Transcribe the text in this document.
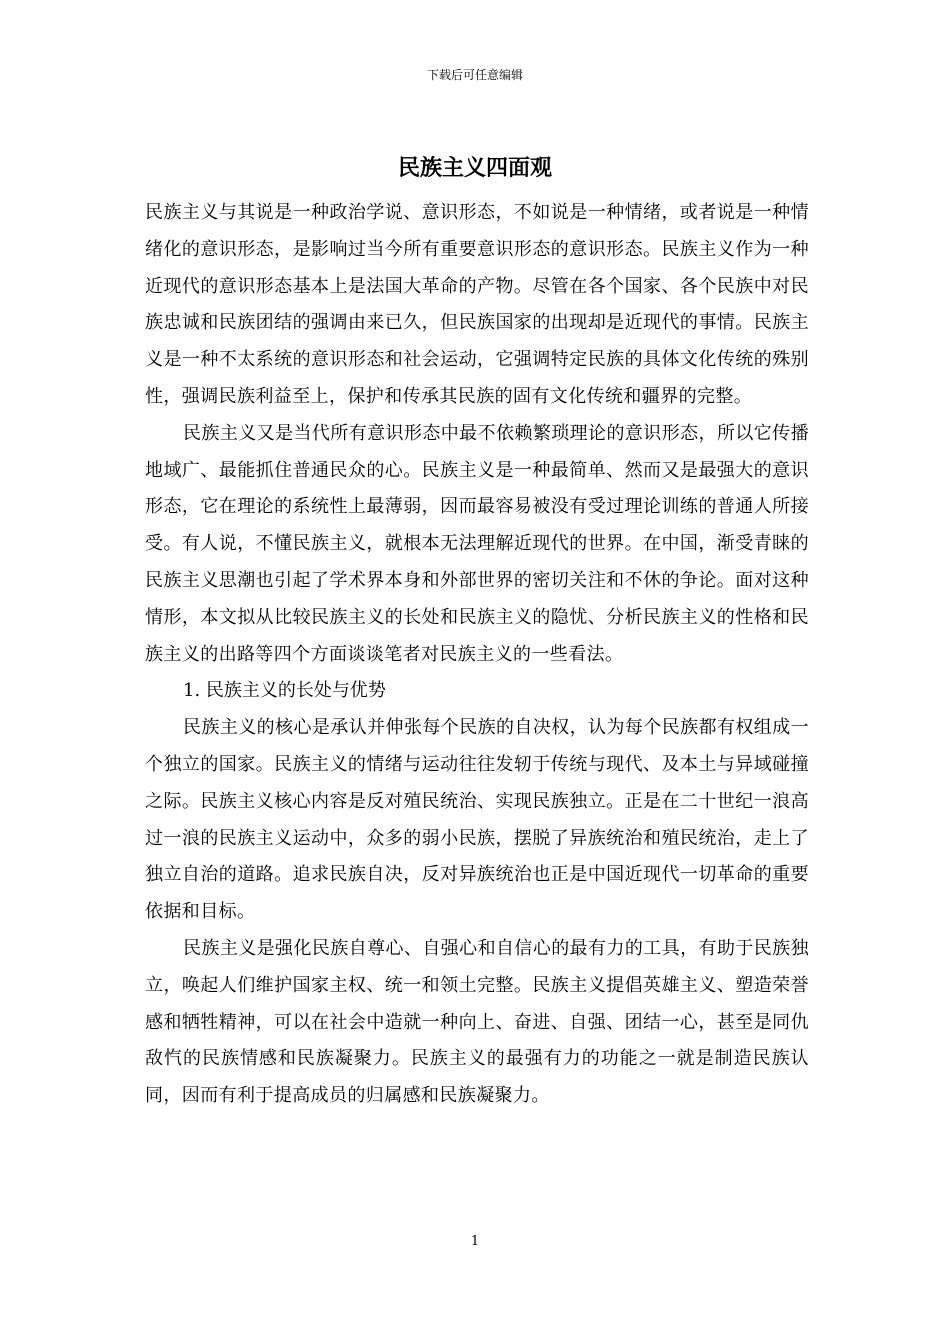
下载后可任意编辑
民族主义四面观

民族主义与其说是一种政治学说、意识形态，不如说是一种情绪，或者说是一种情绪化的意识形态，是影响过当今所有重要意识形态的意识形态。民族主义作为一种近现代的意识形态基本上是法国大革命的产物。尽管在各个国家、各个民族中对民族忠诚和民族团结的强调由来已久，但民族国家的出现却是近现代的事情。民族主义是一种不太系统的意识形态和社会运动，它强调特定民族的具体文化传统的殊别性，强调民族利益至上，保护和传承其民族的固有文化传统和疆界的完整。

民族主义又是当代所有意识形态中最不依赖繁琐理论的意识形态，所以它传播地域广、最能抓住普通民众的心。民族主义是一种最简单、然而又是最强大的意识形态，它在理论的系统性上最薄弱，因而最容易被没有受过理论训练的普通人所接受。有人说，不懂民族主义，就根本无法理解近现代的世界。在中国，渐受青睐的民族主义思潮也引起了学术界本身和外部世界的密切关注和不休的争论。面对这种情形，本文拟从比较民族主义的长处和民族主义的隐忧、分析民族主义的性格和民族主义的出路等四个方面谈谈笔者对民族主义的一些看法。

1. 民族主义的长处与优势

民族主义的核心是承认并伸张每个民族的自决权，认为每个民族都有权组成一个独立的国家。民族主义的情绪与运动往往发轫于传统与现代、及本土与异域碰撞之际。民族主义核心内容是反对殖民统治、实现民族独立。正是在二十世纪一浪高过一浪的民族主义运动中，众多的弱小民族，摆脱了异族统治和殖民统治，走上了独立自治的道路。追求民族自决，反对异族统治也正是中国近现代一切革命的重要依据和目标。

民族主义是强化民族自尊心、自强心和自信心的最有力的工具，有助于民族独立，唤起人们维护国家主权、统一和领土完整。民族主义提倡英雄主义、塑造荣誉感和牺牲精神，可以在社会中造就一种向上、奋进、自强、团结一心，甚至是同仇敌忾的民族情感和民族凝聚力。民族主义的最强有力的功能之一就是制造民族认同，因而有利于提高成员的归属感和民族凝聚力。

1
